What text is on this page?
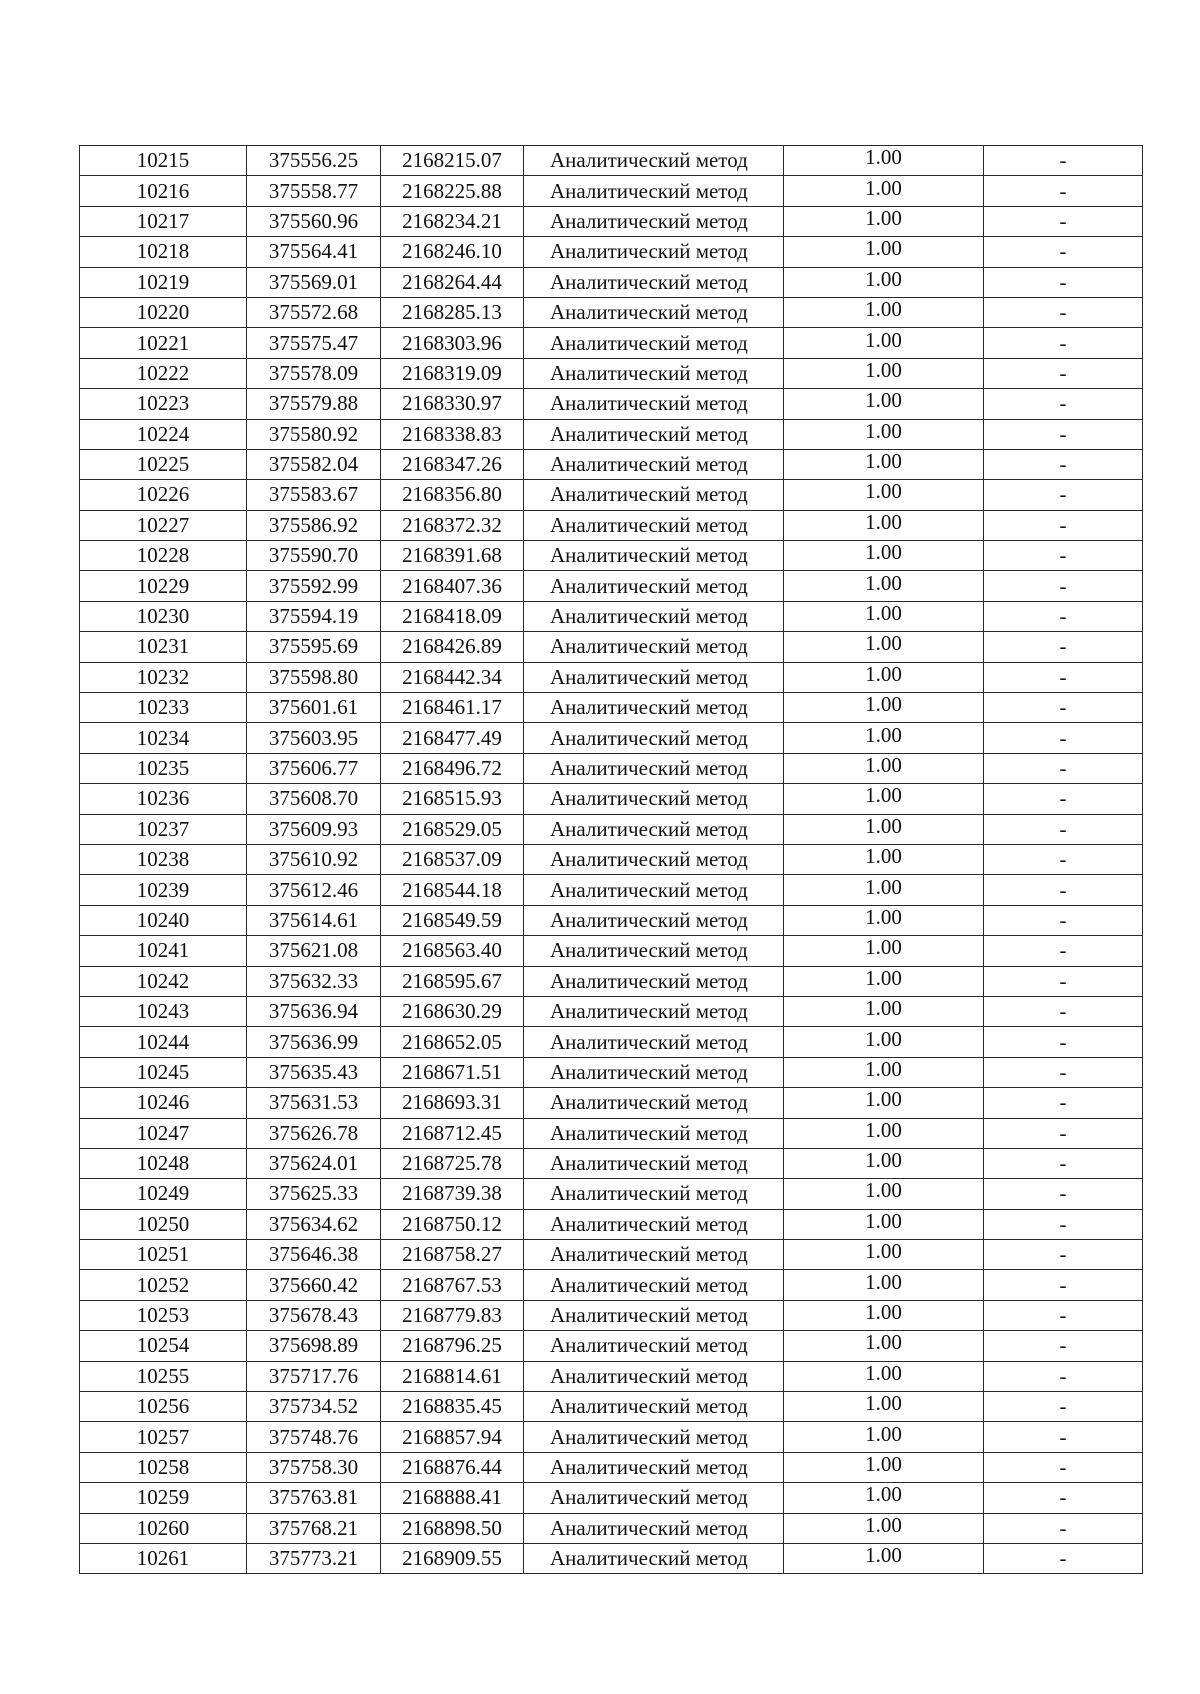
10215	375556.25	2168215.07	Аналитический метод	1.00	-
10216	375558.77	2168225.88	Аналитический метод	1.00	-
10217	375560.96	2168234.21	Аналитический метод	1.00	-
10218	375564.41	2168246.10	Аналитический метод	1.00	-
10219	375569.01	2168264.44	Аналитический метод	1.00	-
10220	375572.68	2168285.13	Аналитический метод	1.00	-
10221	375575.47	2168303.96	Аналитический метод	1.00	-
10222	375578.09	2168319.09	Аналитический метод	1.00	-
10223	375579.88	2168330.97	Аналитический метод	1.00	-
10224	375580.92	2168338.83	Аналитический метод	1.00	-
10225	375582.04	2168347.26	Аналитический метод	1.00	-
10226	375583.67	2168356.80	Аналитический метод	1.00	-
10227	375586.92	2168372.32	Аналитический метод	1.00	-
10228	375590.70	2168391.68	Аналитический метод	1.00	-
10229	375592.99	2168407.36	Аналитический метод	1.00	-
10230	375594.19	2168418.09	Аналитический метод	1.00	-
10231	375595.69	2168426.89	Аналитический метод	1.00	-
10232	375598.80	2168442.34	Аналитический метод	1.00	-
10233	375601.61	2168461.17	Аналитический метод	1.00	-
10234	375603.95	2168477.49	Аналитический метод	1.00	-
10235	375606.77	2168496.72	Аналитический метод	1.00	-
10236	375608.70	2168515.93	Аналитический метод	1.00	-
10237	375609.93	2168529.05	Аналитический метод	1.00	-
10238	375610.92	2168537.09	Аналитический метод	1.00	-
10239	375612.46	2168544.18	Аналитический метод	1.00	-
10240	375614.61	2168549.59	Аналитический метод	1.00	-
10241	375621.08	2168563.40	Аналитический метод	1.00	-
10242	375632.33	2168595.67	Аналитический метод	1.00	-
10243	375636.94	2168630.29	Аналитический метод	1.00	-
10244	375636.99	2168652.05	Аналитический метод	1.00	-
10245	375635.43	2168671.51	Аналитический метод	1.00	-
10246	375631.53	2168693.31	Аналитический метод	1.00	-
10247	375626.78	2168712.45	Аналитический метод	1.00	-
10248	375624.01	2168725.78	Аналитический метод	1.00	-
10249	375625.33	2168739.38	Аналитический метод	1.00	-
10250	375634.62	2168750.12	Аналитический метод	1.00	-
10251	375646.38	2168758.27	Аналитический метод	1.00	-
10252	375660.42	2168767.53	Аналитический метод	1.00	-
10253	375678.43	2168779.83	Аналитический метод	1.00	-
10254	375698.89	2168796.25	Аналитический метод	1.00	-
10255	375717.76	2168814.61	Аналитический метод	1.00	-
10256	375734.52	2168835.45	Аналитический метод	1.00	-
10257	375748.76	2168857.94	Аналитический метод	1.00	-
10258	375758.30	2168876.44	Аналитический метод	1.00	-
10259	375763.81	2168888.41	Аналитический метод	1.00	-
10260	375768.21	2168898.50	Аналитический метод	1.00	-
10261	375773.21	2168909.55	Аналитический метод	1.00	-
